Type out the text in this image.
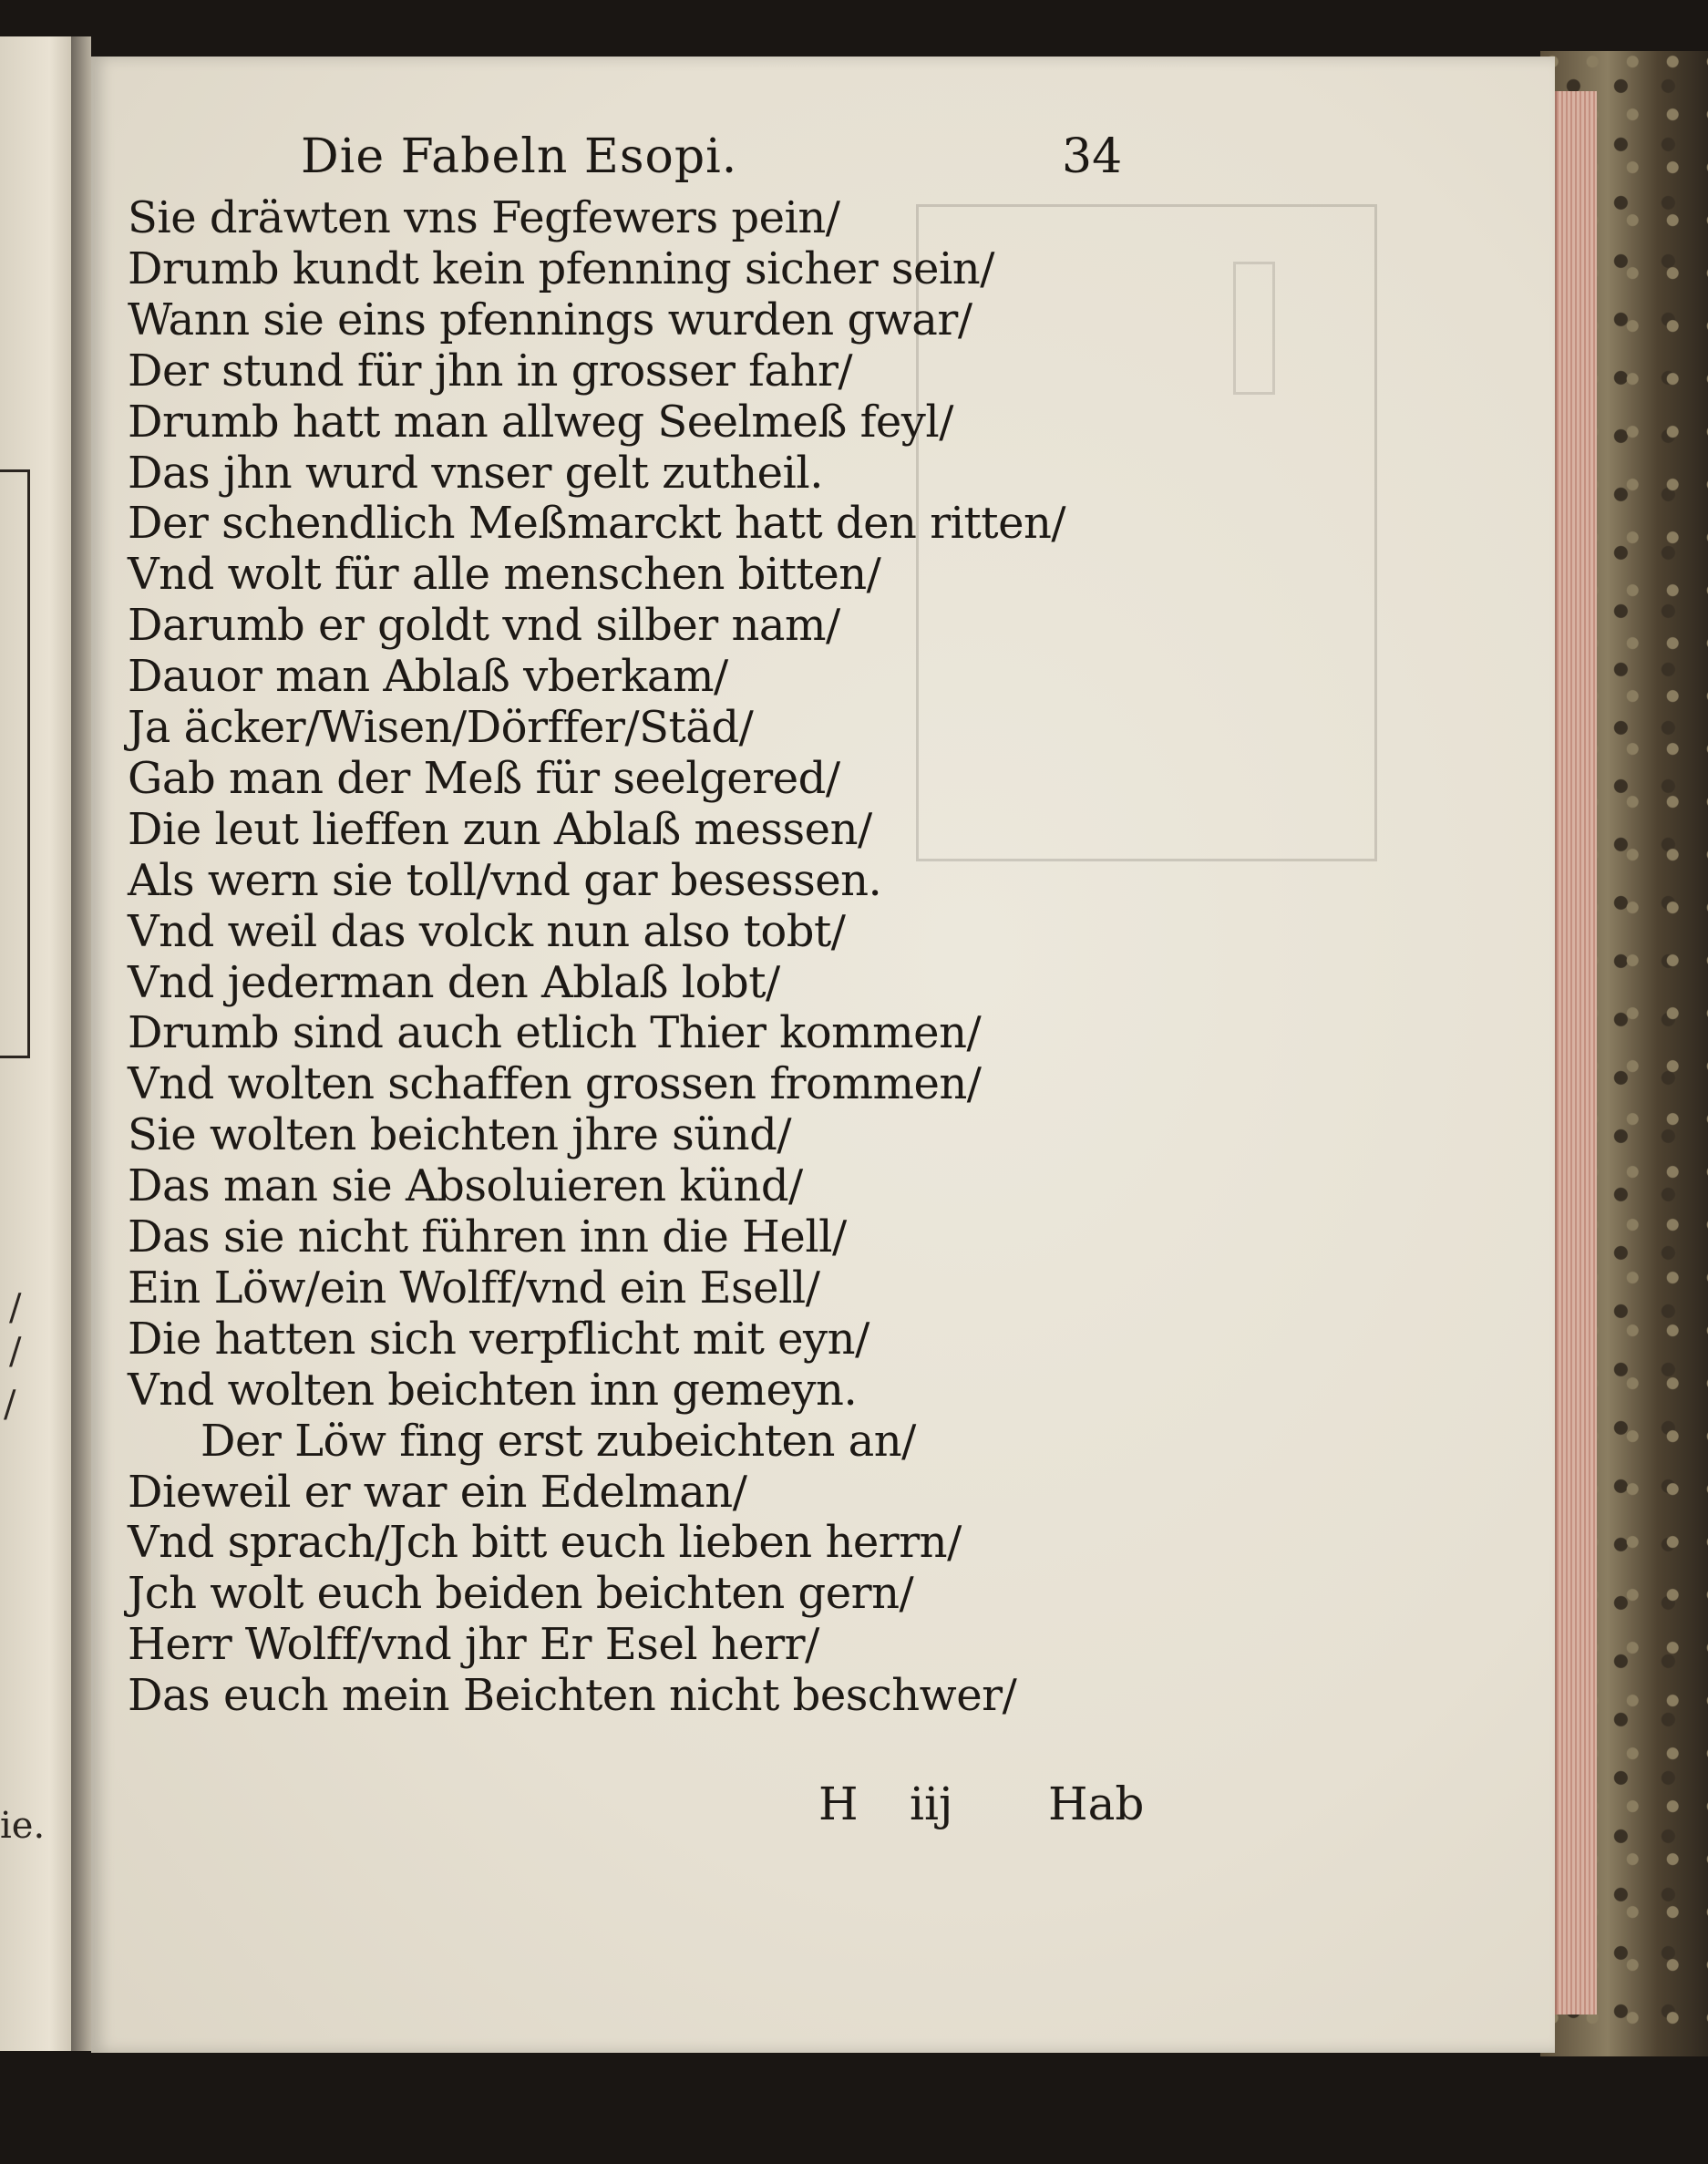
/
/
/
ie.
Die Fabeln Esopi.	34
Sie dräwten vns Fegfewers pein/
Drumb kundt kein pfenning sicher sein/
Wann sie eins pfennings wurden gwar/
Der stund für jhn in grosser fahr/
Drumb hatt man allweg Seelmeß feyl/
Das jhn wurd vnser gelt zutheil.
Der schendlich Meßmarckt hatt den ritten/
Vnd wolt für alle menschen bitten/
Darumb er goldt vnd silber nam/
Dauor man Ablaß vberkam/
Ja äcker/Wisen/Dörffer/Städ/
Gab man der Meß für seelgered/
Die leut lieffen zun Ablaß messen/
Als wern sie toll/vnd gar besessen.
Vnd weil das volck nun also tobt/
Vnd jederman den Ablaß lobt/
Drumb sind auch etlich Thier kommen/
Vnd wolten schaffen grossen frommen/
Sie wolten beichten jhre sünd/
Das man sie Absoluieren künd/
Das sie nicht führen inn die Hell/
Ein Löw/ein Wolff/vnd ein Esell/
Die hatten sich verpflicht mit eyn/
Vnd wolten beichten inn gemeyn.
Der Löw fing erst zubeichten an/
Dieweil er war ein Edelman/
Vnd sprach/Jch bitt euch lieben herrn/
Jch wolt euch beiden beichten gern/
Herr Wolff/vnd jhr Er Esel herr/
Das euch mein Beichten nicht beschwer/
H iij Hab
